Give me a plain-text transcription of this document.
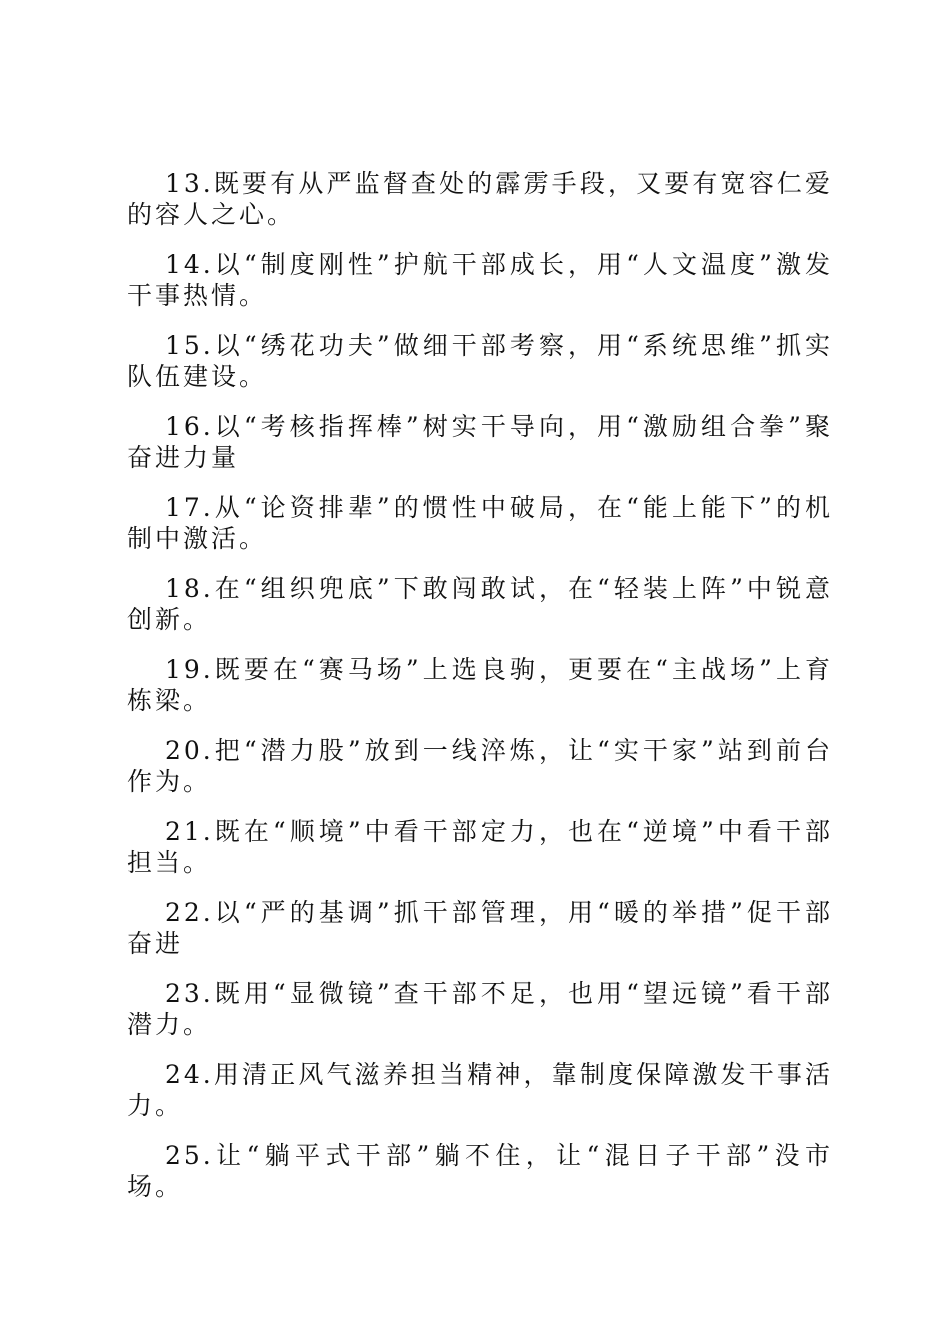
13.既要有从严监督查处的霹雳手段，又要有宽容仁爱的容人之心。

14.以“制度刚性”护航干部成长，用“人文温度”激发干事热情。

15.以“绣花功夫”做细干部考察，用“系统思维”抓实队伍建设。

16.以“考核指挥棒”树实干导向，用“激励组合拳”聚奋进力量

17.从“论资排辈”的惯性中破局，在“能上能下”的机制中激活。

18.在“组织兜底”下敢闯敢试，在“轻装上阵”中锐意创新。

19.既要在“赛马场”上选良驹，更要在“主战场”上育栋梁。

20.把“潜力股”放到一线淬炼，让“实干家”站到前台作为。

21.既在“顺境”中看干部定力，也在“逆境”中看干部担当。

22.以“严的基调”抓干部管理，用“暖的举措”促干部奋进

23.既用“显微镜”查干部不足，也用“望远镜”看干部潜力。

24.用清正风气滋养担当精神，靠制度保障激发干事活力。

25.让“躺平式干部”躺不住，让“混日子干部”没市场。
